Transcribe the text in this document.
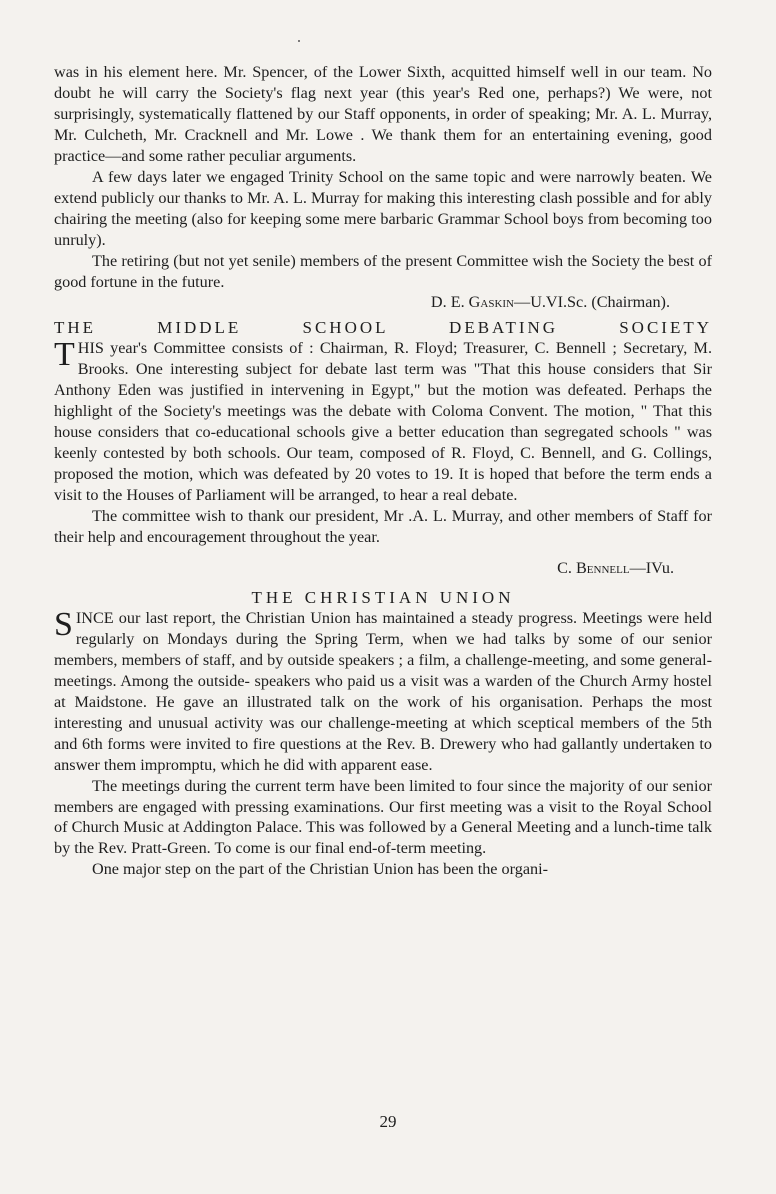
was in his element here. Mr. Spencer, of the Lower Sixth, acquitted himself well in our team. No doubt he will carry the Society's flag next year (this year's Red one, perhaps?) We were, not surprisingly, systematically flattened by our Staff opponents, in order of speaking; Mr. A. L. Murray, Mr. Culcheth, Mr. Cracknell and Mr. Lowe . We thank them for an entertaining evening, good practice—and some rather peculiar arguments.

A few days later we engaged Trinity School on the same topic and were narrowly beaten. We extend publicly our thanks to Mr. A. L. Murray for making this interesting clash possible and for ably chairing the meeting (also for keeping some mere barbaric Grammar School boys from becoming too unruly).

The retiring (but not yet senile) members of the present Committee wish the Society the best of good fortune in the future.

D. E. Gaskin—U.VI.Sc. (Chairman).

THE MIDDLE SCHOOL DEBATING SOCIETY

THIS year's Committee consists of : Chairman, R. Floyd; Treasurer, C. Bennell ; Secretary, M. Brooks. One interesting subject for debate last term was "That this house considers that Sir Anthony Eden was justified in intervening in Egypt," but the motion was defeated. Perhaps the highlight of the Society's meetings was the debate with Coloma Convent. The motion, " That this house considers that co-educational schools give a better education than segregated schools " was keenly contested by both schools. Our team, composed of R. Floyd, C. Bennell, and G. Collings, proposed the motion, which was defeated by 20 votes to 19. It is hoped that before the term ends a visit to the Houses of Parliament will be arranged, to hear a real debate.

The committee wish to thank our president, Mr .A. L. Murray, and other members of Staff for their help and encouragement throughout the year.

C. Bennell—IVu.

THE CHRISTIAN UNION

SINCE our last report, the Christian Union has maintained a steady progress. Meetings were held regularly on Mondays during the Spring Term, when we had talks by some of our senior members, members of staff, and by outside speakers ; a film, a challenge-meeting, and some general-meetings. Among the outside- speakers who paid us a visit was a warden of the Church Army hostel at Maidstone. He gave an illustrated talk on the work of his organisation. Perhaps the most interesting and unusual activity was our challenge-meeting at which sceptical members of the 5th and 6th forms were invited to fire questions at the Rev. B. Drewery who had gallantly undertaken to answer them impromptu, which he did with apparent ease.

The meetings during the current term have been limited to four since the majority of our senior members are engaged with pressing examinations. Our first meeting was a visit to the Royal School of Church Music at Addington Palace. This was followed by a General Meeting and a lunch-time talk by the Rev. Pratt-Green. To come is our final end-of-term meeting.

One major step on the part of the Christian Union has been the organi-

29
